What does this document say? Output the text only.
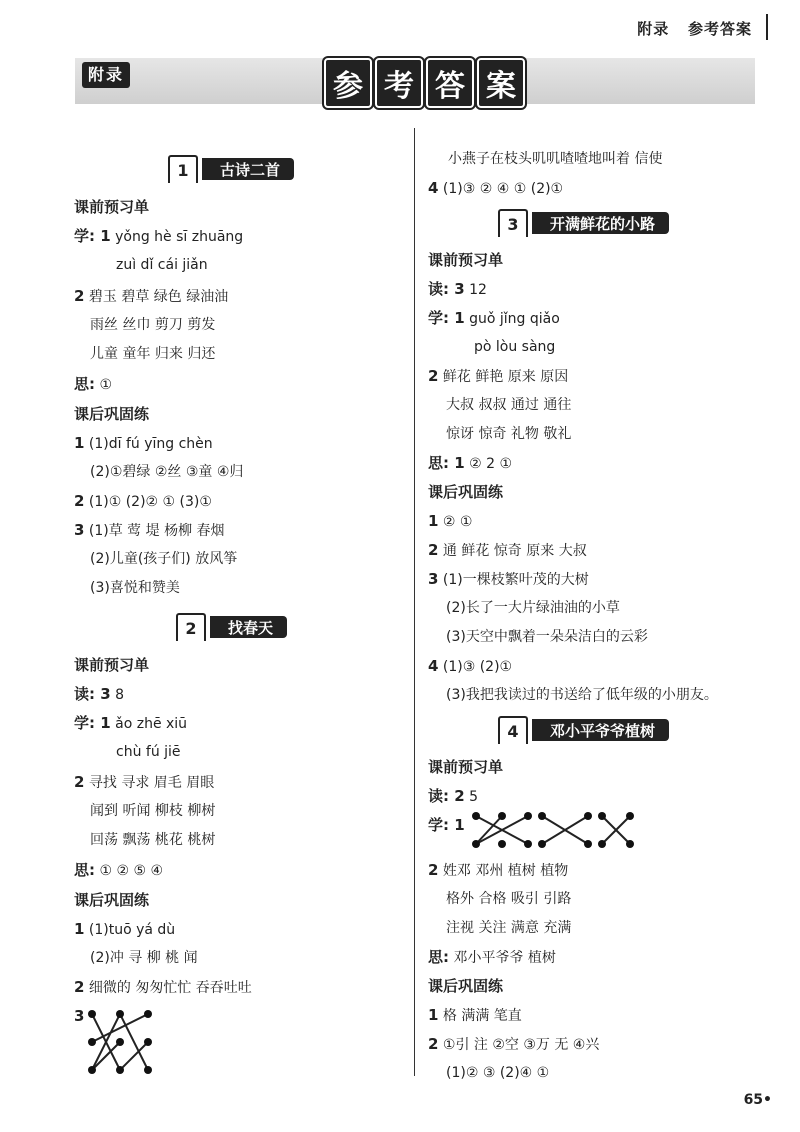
附录 参考答案
附录	参 考 答 案
1	古诗二首
课前预习单
学: 1 yǒng hè sī zhuāng
zuì dǐ cái jiǎn
2 碧玉 碧草 绿色 绿油油
雨丝 丝巾 剪刀 剪发
儿童 童年 归来 归还
思: ①
课后巩固练
1 (1)dī fú yīng chèn
(2)①碧绿 ②丝 ③童 ④归
2 (1)① (2)② ① (3)①
3 (1)草 莺 堤 杨柳 春烟
(2)儿童(孩子们) 放风筝
(3)喜悦和赞美
2	找春天
课前预习单
读: 3 8
学: 1 ǎo zhē xiū
chù fú jiē
2 寻找 寻求 眉毛 眉眼
闻到 听闻 柳枝 柳树
回荡 飘荡 桃花 桃树
思: ① ② ⑤ ④
课后巩固练
1 (1)tuō yá dù
(2)冲 寻 柳 桃 闻
2 细微的 匆匆忙忙 吞吞吐吐
3
小燕子在枝头叽叽喳喳地叫着 信使
4 (1)③ ② ④ ① (2)①
3	开满鲜花的小路
课前预习单
读: 3 12
学: 1 guǒ jǐng qiǎo
pò lòu sàng
2 鲜花 鲜艳 原来 原因
大叔 叔叔 通过 通往
惊讶 惊奇 礼物 敬礼
思: 1 ② 2 ①
课后巩固练
1 ② ①
2 通 鲜花 惊奇 原来 大叔
3 (1)一棵枝繁叶茂的大树
(2)长了一大片绿油油的小草
(3)天空中飘着一朵朵洁白的云彩
4 (1)③ (2)①
(3)我把我读过的书送给了低年级的小朋友。
4	邓小平爷爷植树
课前预习单
读: 2 5
学: 1
2 姓邓 邓州 植树 植物
格外 合格 吸引 引路
注视 关注 满意 充满
思: 邓小平爷爷 植树
课后巩固练
1 格 满满 笔直
2 ①引 注 ②空 ③万 无 ④兴
(1)② ③ (2)④ ①
65•
